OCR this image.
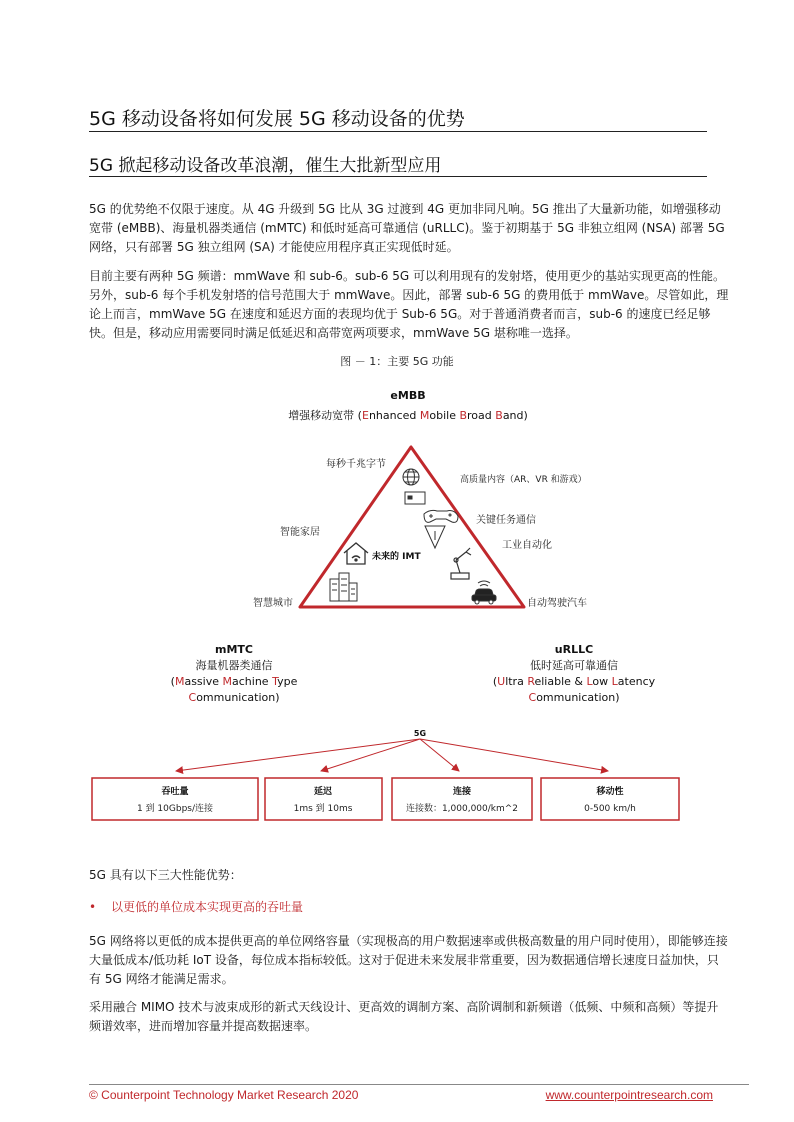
5G 移动设备将如何发展 5G 移动设备的优势
5G 掀起移动设备改革浪潮，催生大批新型应用
5G 的优势绝不仅限于速度。从 4G 升级到 5G 比从 3G 过渡到 4G 更加非同凡响。5G 推出了大量新功能，如增强移动宽带 (eMBB)、海量机器类通信 (mMTC) 和低时延高可靠通信 (uRLLC)。鉴于初期基于 5G 非独立组网 (NSA) 部署 5G 网络，只有部署 5G 独立组网 (SA) 才能使应用程序真正实现低时延。
目前主要有两种 5G 频谱：mmWave 和 sub-6。sub-6 5G 可以利用现有的发射塔，使用更少的基站实现更高的性能。另外，sub-6 每个手机发射塔的信号范围大于 mmWave。因此，部署 sub-6 5G 的费用低于 mmWave。尽管如此，理论上而言，mmWave 5G 在速度和延迟方面的表现均优于 Sub-6 5G。对于普通消费者而言，sub-6 的速度已经足够快。但是，移动应用需要同时满足低延迟和高带宽两项要求，mmWave 5G 堪称唯一选择。
图 － 1：主要 5G 功能
eMBB
增强移动宽带 (Enhanced Mobile Broad Band)
每秒千兆字节
高质量内容（AR、VR 和游戏）
关键任务通信
工业自动化
智能家居
未来的 IMT
智慧城市	自动驾驶汽车
mMTC
海量机器类通信
(Massive Machine Type
Communication)
uRLLC
低时延高可靠通信
(Ultra Reliable & Low Latency
Communication)
5G
吞吐量
1 到 10Gbps/连接
延迟
1ms 到 10ms
连接
连接数：1,000,000/km^2
移动性
0-500 km/h
5G 具有以下三大性能优势：
• 以更低的单位成本实现更高的吞吐量
5G 网络将以更低的成本提供更高的单位网络容量（实现极高的用户数据速率或供极高数量的用户同时使用），即能够连接大量低成本/低功耗 IoT 设备，每位成本指标较低。这对于促进未来发展非常重要，因为数据通信增长速度日益加快，只有 5G 网络才能满足需求。
采用融合 MIMO 技术与波束成形的新式天线设计、更高效的调制方案、高阶调制和新频谱（低频、中频和高频）等提升频谱效率，进而增加容量并提高数据速率。
© Counterpoint Technology Market Research 2020	www.counterpointresearch.com
